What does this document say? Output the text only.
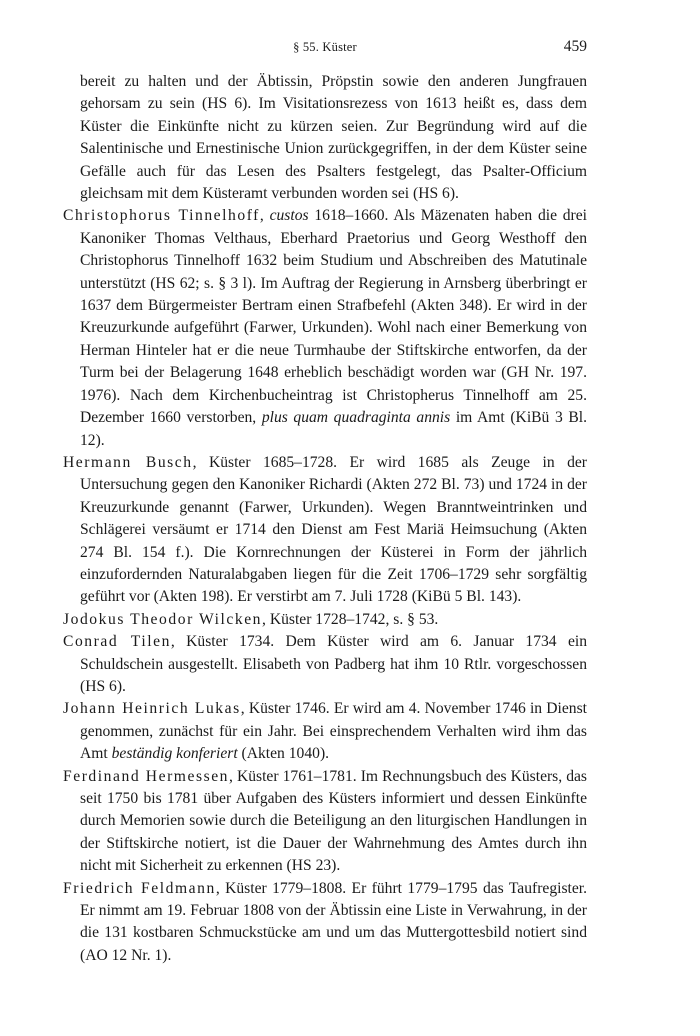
§ 55. Küster	459

bereit zu halten und der Äbtissin, Pröpstin sowie den anderen Jungfrauen gehorsam zu sein (HS 6). Im Visitationsrezess von 1613 heißt es, dass dem Küster die Einkünfte nicht zu kürzen seien. Zur Begründung wird auf die Salentinische und Ernestinische Union zurückgegriffen, in der dem Küster seine Gefälle auch für das Lesen des Psalters festgelegt, das Psalter-Officium gleichsam mit dem Küsteramt verbunden worden sei (HS 6).

Christophorus Tinnelhoff, custos 1618–1660. Als Mäzenaten haben die drei Kanoniker Thomas Velthaus, Eberhard Praetorius und Georg Westhoff den Christophorus Tinnelhoff 1632 beim Studium und Abschreiben des Matutinale unterstützt (HS 62; s. § 3 l). Im Auftrag der Regierung in Arnsberg überbringt er 1637 dem Bürgermeister Bertram einen Strafbefehl (Akten 348). Er wird in der Kreuzurkunde aufgeführt (Farwer, Urkunden). Wohl nach einer Bemerkung von Herman Hinteler hat er die neue Turmhaube der Stiftskirche entworfen, da der Turm bei der Belagerung 1648 erheblich beschädigt worden war (GH Nr. 197. 1976). Nach dem Kirchenbucheintrag ist Christopherus Tinnelhoff am 25. Dezember 1660 verstorben, plus quam quadraginta annis im Amt (KiBü 3 Bl. 12).

Hermann Busch, Küster 1685–1728. Er wird 1685 als Zeuge in der Untersuchung gegen den Kanoniker Richardi (Akten 272 Bl. 73) und 1724 in der Kreuzurkunde genannt (Farwer, Urkunden). Wegen Branntweintrinken und Schlägerei versäumt er 1714 den Dienst am Fest Mariä Heimsuchung (Akten 274 Bl. 154 f.). Die Kornrechnungen der Küsterei in Form der jährlich einzufordernden Naturalabgaben liegen für die Zeit 1706–1729 sehr sorgfältig geführt vor (Akten 198). Er verstirbt am 7. Juli 1728 (KiBü 5 Bl. 143).

Jodokus Theodor Wilcken, Küster 1728–1742, s. § 53.

Conrad Tilen, Küster 1734. Dem Küster wird am 6. Januar 1734 ein Schuldschein ausgestellt. Elisabeth von Padberg hat ihm 10 Rtlr. vorgeschossen (HS 6).

Johann Heinrich Lukas, Küster 1746. Er wird am 4. November 1746 in Dienst genommen, zunächst für ein Jahr. Bei einsprechendem Verhalten wird ihm das Amt beständig konferiert (Akten 1040).

Ferdinand Hermessen, Küster 1761–1781. Im Rechnungsbuch des Küsters, das seit 1750 bis 1781 über Aufgaben des Küsters informiert und dessen Einkünfte durch Memorien sowie durch die Beteiligung an den liturgischen Handlungen in der Stiftskirche notiert, ist die Dauer der Wahrnehmung des Amtes durch ihn nicht mit Sicherheit zu erkennen (HS 23).

Friedrich Feldmann, Küster 1779–1808. Er führt 1779–1795 das Taufregister. Er nimmt am 19. Februar 1808 von der Äbtissin eine Liste in Verwahrung, in der die 131 kostbaren Schmuckstücke am und um das Muttergottesbild notiert sind (AO 12 Nr. 1).
